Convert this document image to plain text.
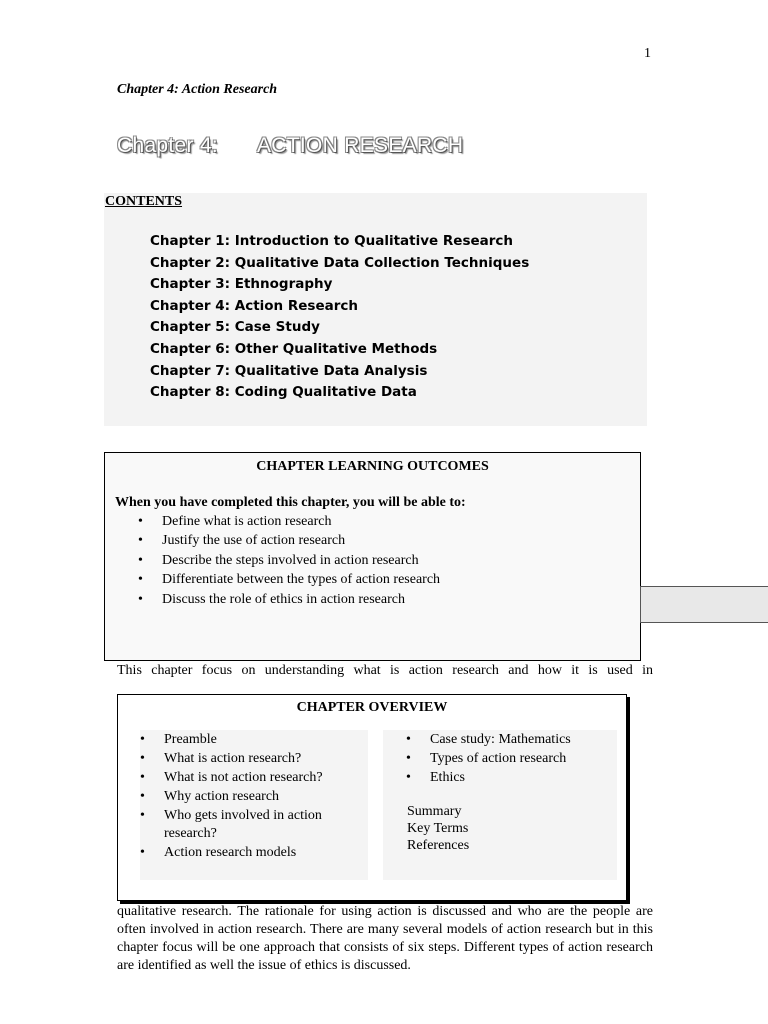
1
Chapter 4: Action Research
Chapter 4: ACTION RESEARCH
CONTENTS
Chapter 1: Introduction to Qualitative Research
Chapter 2: Qualitative Data Collection Techniques
Chapter 3: Ethnography
Chapter 4: Action Research
Chapter 5: Case Study
Chapter 6: Other Qualitative Methods
Chapter 7: Qualitative Data Analysis
Chapter 8: Coding Qualitative Data
CHAPTER LEARNING OUTCOMES
When you have completed this chapter, you will be able to:
• Define what is action research
• Justify the use of action research
• Describe the steps involved in action research
• Differentiate between the types of action research
• Discuss the role of ethics in action research
This chapter focus on understanding what is action research and how it is used in
CHAPTER OVERVIEW
• Preamble
• What is action research?
• What is not action research?
• Why action research
• Who gets involved in action research?
• Action research models
• Case study: Mathematics
• Types of action research
• Ethics
Summary
Key Terms
References

qualitative research. The rationale for using action is discussed and who are the people are often involved in action research. There are many several models of action research but in this chapter focus will be one approach that consists of six steps. Different types of action research are identified as well the issue of ethics is discussed.
